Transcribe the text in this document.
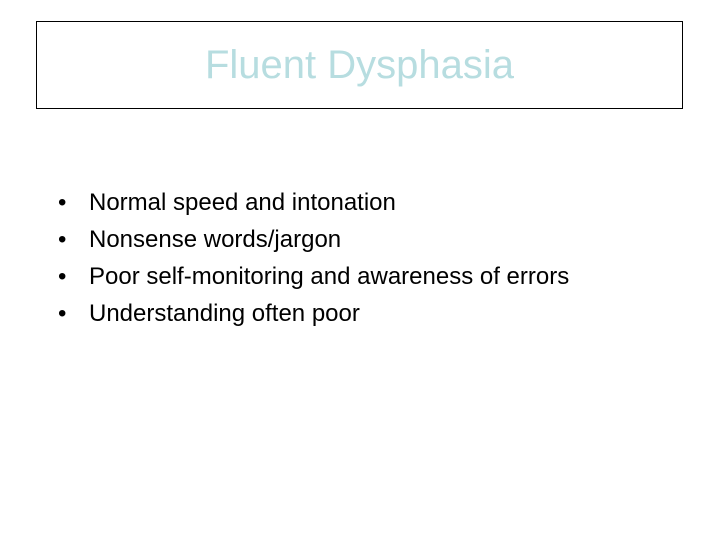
Fluent Dysphasia
• Normal speed and intonation
• Nonsense words/jargon
• Poor self-monitoring and awareness of errors
• Understanding often poor
